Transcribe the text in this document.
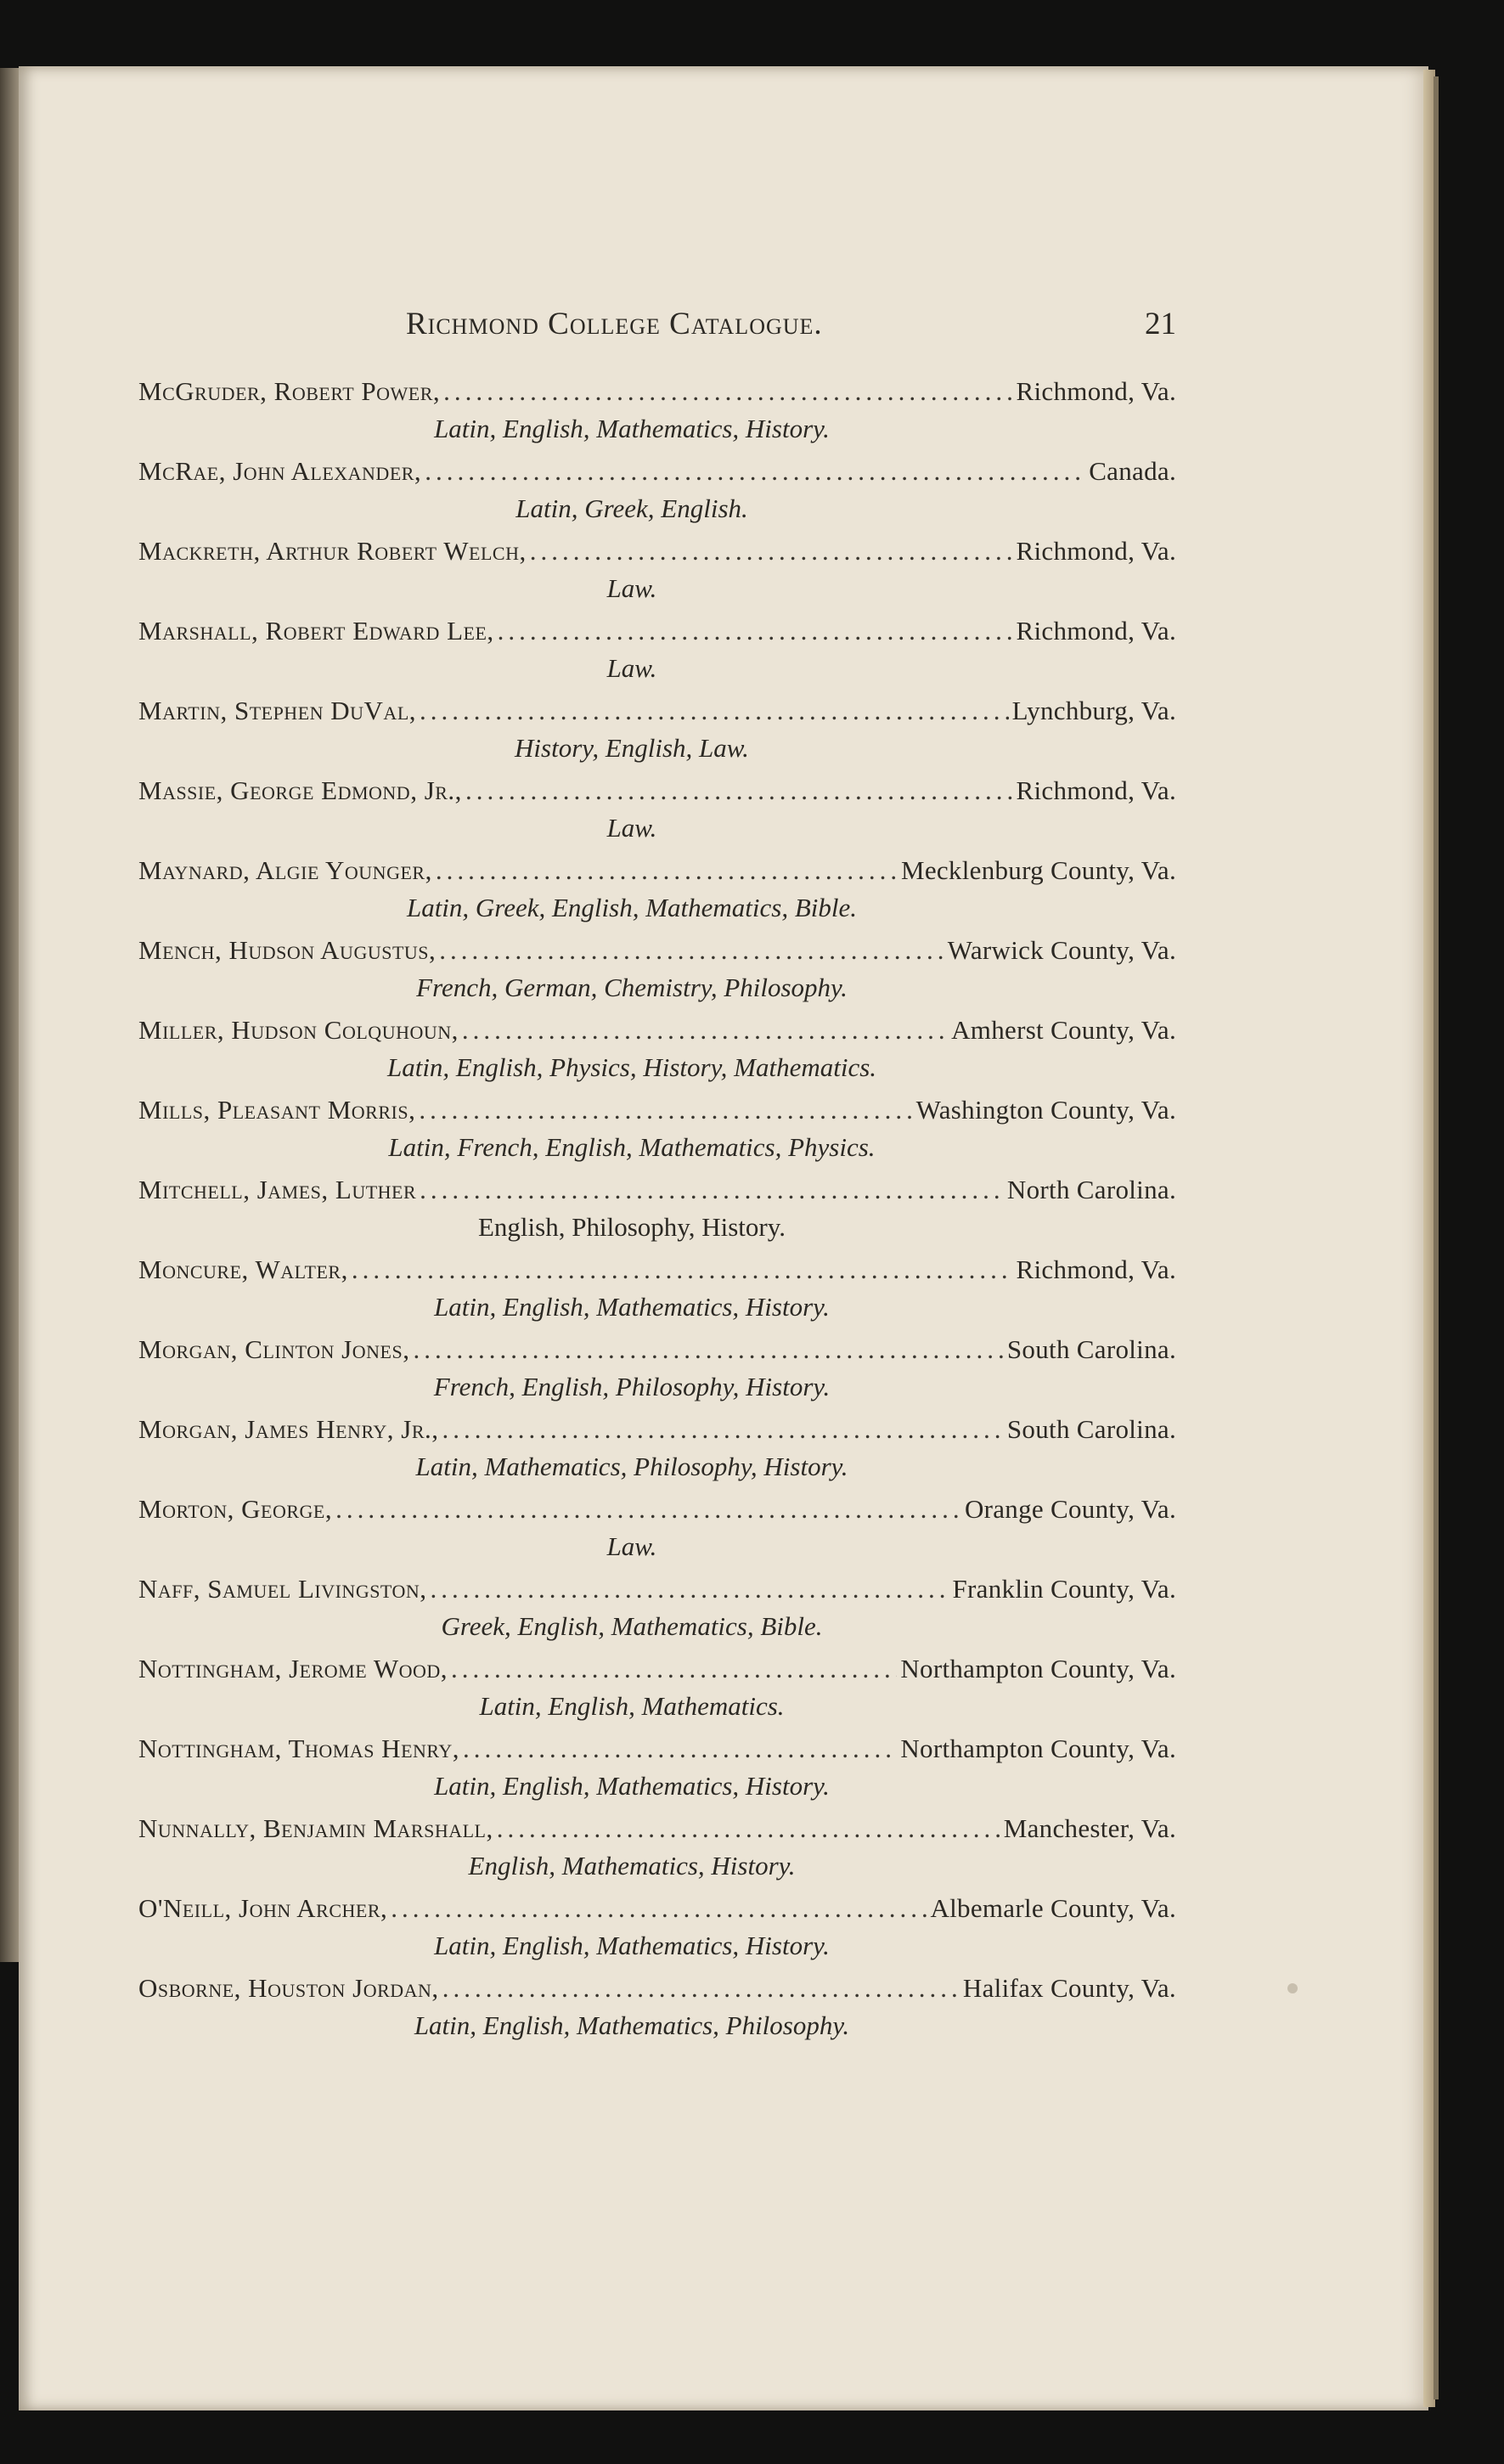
Richmond College Catalogue.	21
McGruder, Robert Power, .....	Richmond, Va.
Latin, English, Mathematics, History.
McRae, John Alexander, .....	Canada.
Latin, Greek, English.
Mackreth, Arthur Robert Welch, .....	Richmond, Va.
Law.
Marshall, Robert Edward Lee, .....	Richmond, Va.
Law.
Martin, Stephen DuVal, .....	Lynchburg, Va.
History, English, Law.
Massie, George Edmond, Jr., .....	Richmond, Va.
Law.
Maynard, Algie Younger, .....	Mecklenburg County, Va.
Latin, Greek, English, Mathematics, Bible.
Mench, Hudson Augustus, .....	Warwick County, Va.
French, German, Chemistry, Philosophy.
Miller, Hudson Colquhoun, .....	Amherst County, Va.
Latin, English, Physics, History, Mathematics.
Mills, Pleasant Morris, .....	Washington County, Va.
Latin, French, English, Mathematics, Physics.
Mitchell, James, Luther .....	North Carolina.
English, Philosophy, History.
Moncure, Walter, .....	Richmond, Va.
Latin, English, Mathematics, History.
Morgan, Clinton Jones, .....	South Carolina.
French, English, Philosophy, History.
Morgan, James Henry, Jr., .....	South Carolina.
Latin, Mathematics, Philosophy, History.
Morton, George, .....	Orange County, Va.
Law.
Naff, Samuel Livingston, .....	Franklin County, Va.
Greek, English, Mathematics, Bible.
Nottingham, Jerome Wood, .....	Northampton County, Va.
Latin, English, Mathematics.
Nottingham, Thomas Henry, .....	Northampton County, Va.
Latin, English, Mathematics, History.
Nunnally, Benjamin Marshall, .....	Manchester, Va.
English, Mathematics, History.
O'Neill, John Archer, .....	Albemarle County, Va.
Latin, English, Mathematics, History.
Osborne, Houston Jordan, .....	Halifax County, Va.
Latin, English, Mathematics, Philosophy.
